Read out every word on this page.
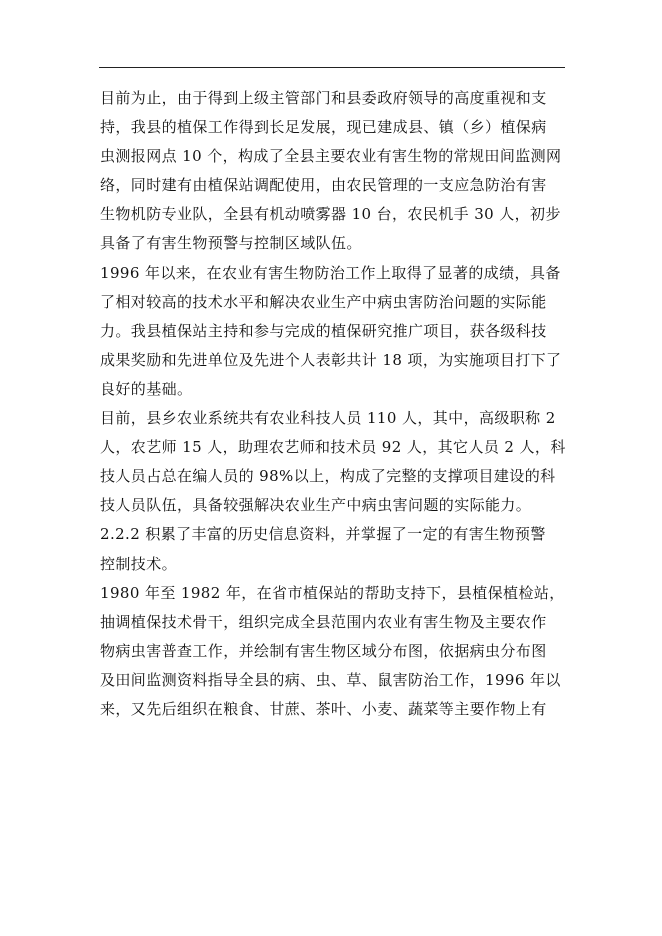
目前为止，由于得到上级主管部门和县委政府领导的高度重视和支
持，我县的植保工作得到长足发展，现已建成县、镇（乡）植保病
虫测报网点 10 个，构成了全县主要农业有害生物的常规田间监测网
络，同时建有由植保站调配使用，由农民管理的一支应急防治有害
生物机防专业队，全县有机动喷雾器 10 台，农民机手 30 人，初步
具备了有害生物预警与控制区域队伍。
1996 年以来，在农业有害生物防治工作上取得了显著的成绩，具备
了相对较高的技术水平和解决农业生产中病虫害防治问题的实际能
力。我县植保站主持和参与完成的植保研究推广项目，获各级科技
成果奖励和先进单位及先进个人表彰共计 18 项，为实施项目打下了
良好的基础。
目前，县乡农业系统共有农业科技人员 110 人，其中，高级职称 2
人，农艺师 15 人，助理农艺师和技术员 92 人，其它人员 2 人，科
技人员占总在编人员的 98%以上，构成了完整的支撑项目建设的科
技人员队伍，具备较强解决农业生产中病虫害问题的实际能力。
2.2.2 积累了丰富的历史信息资料，并掌握了一定的有害生物预警
控制技术。
1980 年至 1982 年，在省市植保站的帮助支持下，县植保植检站，
抽调植保技术骨干，组织完成全县范围内农业有害生物及主要农作
物病虫害普查工作，并绘制有害生物区域分布图，依据病虫分布图
及田间监测资料指导全县的病、虫、草、鼠害防治工作，1996 年以
来，又先后组织在粮食、甘蔗、茶叶、小麦、蔬菜等主要作物上有
